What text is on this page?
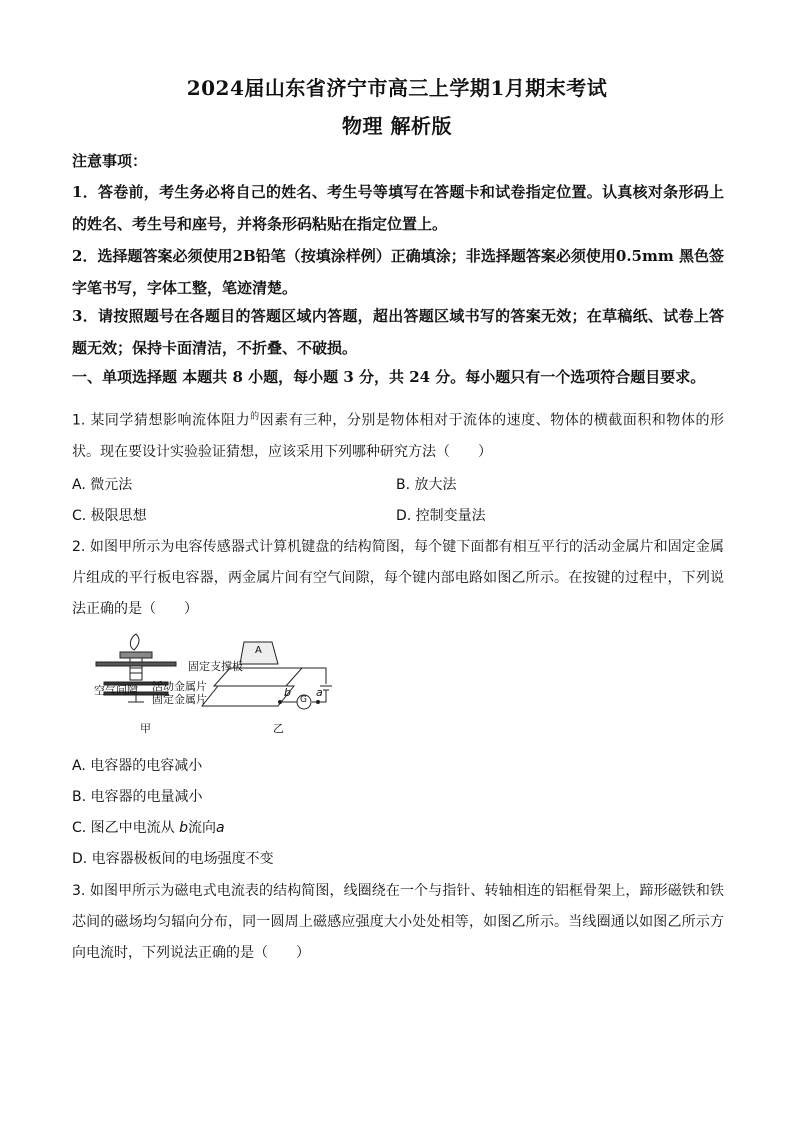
2024届山东省济宁市高三上学期1月期末考试
物理 解析版
注意事项：
1．答卷前，考生务必将自己的姓名、考生号等填写在答题卡和试卷指定位置。认真核对条形码上的姓名、考生号和座号，并将条形码粘贴在指定位置上。
2．选择题答案必须使用2B铅笔（按填涂样例）正确填涂；非选择题答案必须使用0.5mm 黑色签字笔书写，字体工整，笔迹清楚。
3．请按照题号在各题目的答题区域内答题，超出答题区域书写的答案无效；在草稿纸、试卷上答题无效；保持卡面清洁，不折叠、不破损。
一、单项选择题 本题共 8 小题，每小题 3 分，共 24 分。每小题只有一个选项符合题目要求。
1. 某同学猜想影响流体阻力$^的$因素有三种，分别是物体相对于流体的速度、物体的横截面积和物体的形状。现在要设计实验验证猜想，应该采用下列哪种研究方法（　　）
A. 微元法	B. 放大法
C. 极限思想	D. 控制变量法
2. 如图甲所示为电容传感器式计算机键盘的结构简图，每个键下面都有相互平行的活动金属片和固定金属片组成的平行板电容器，两金属片间有空气间隙，每个键内部电路如图乙所示。在按键的过程中，下列说法正确的是（　　）
固定支撑板
空气间隙 活动金属片
固定金属片
甲	乙
A
b a
G
A. 电容器的电容减小
B. 电容器的电量减小
C. 图乙中电流从 b流向a
D. 电容器极板间的电场强度不变
3. 如图甲所示为磁电式电流表的结构简图，线圈绕在一个与指针、转轴相连的铝框骨架上，蹄形磁铁和铁芯间的磁场均匀辐向分布，同一圆周上磁感应强度大小处处相等，如图乙所示。当线圈通以如图乙所示方向电流时，下列说法正确的是（　　）
